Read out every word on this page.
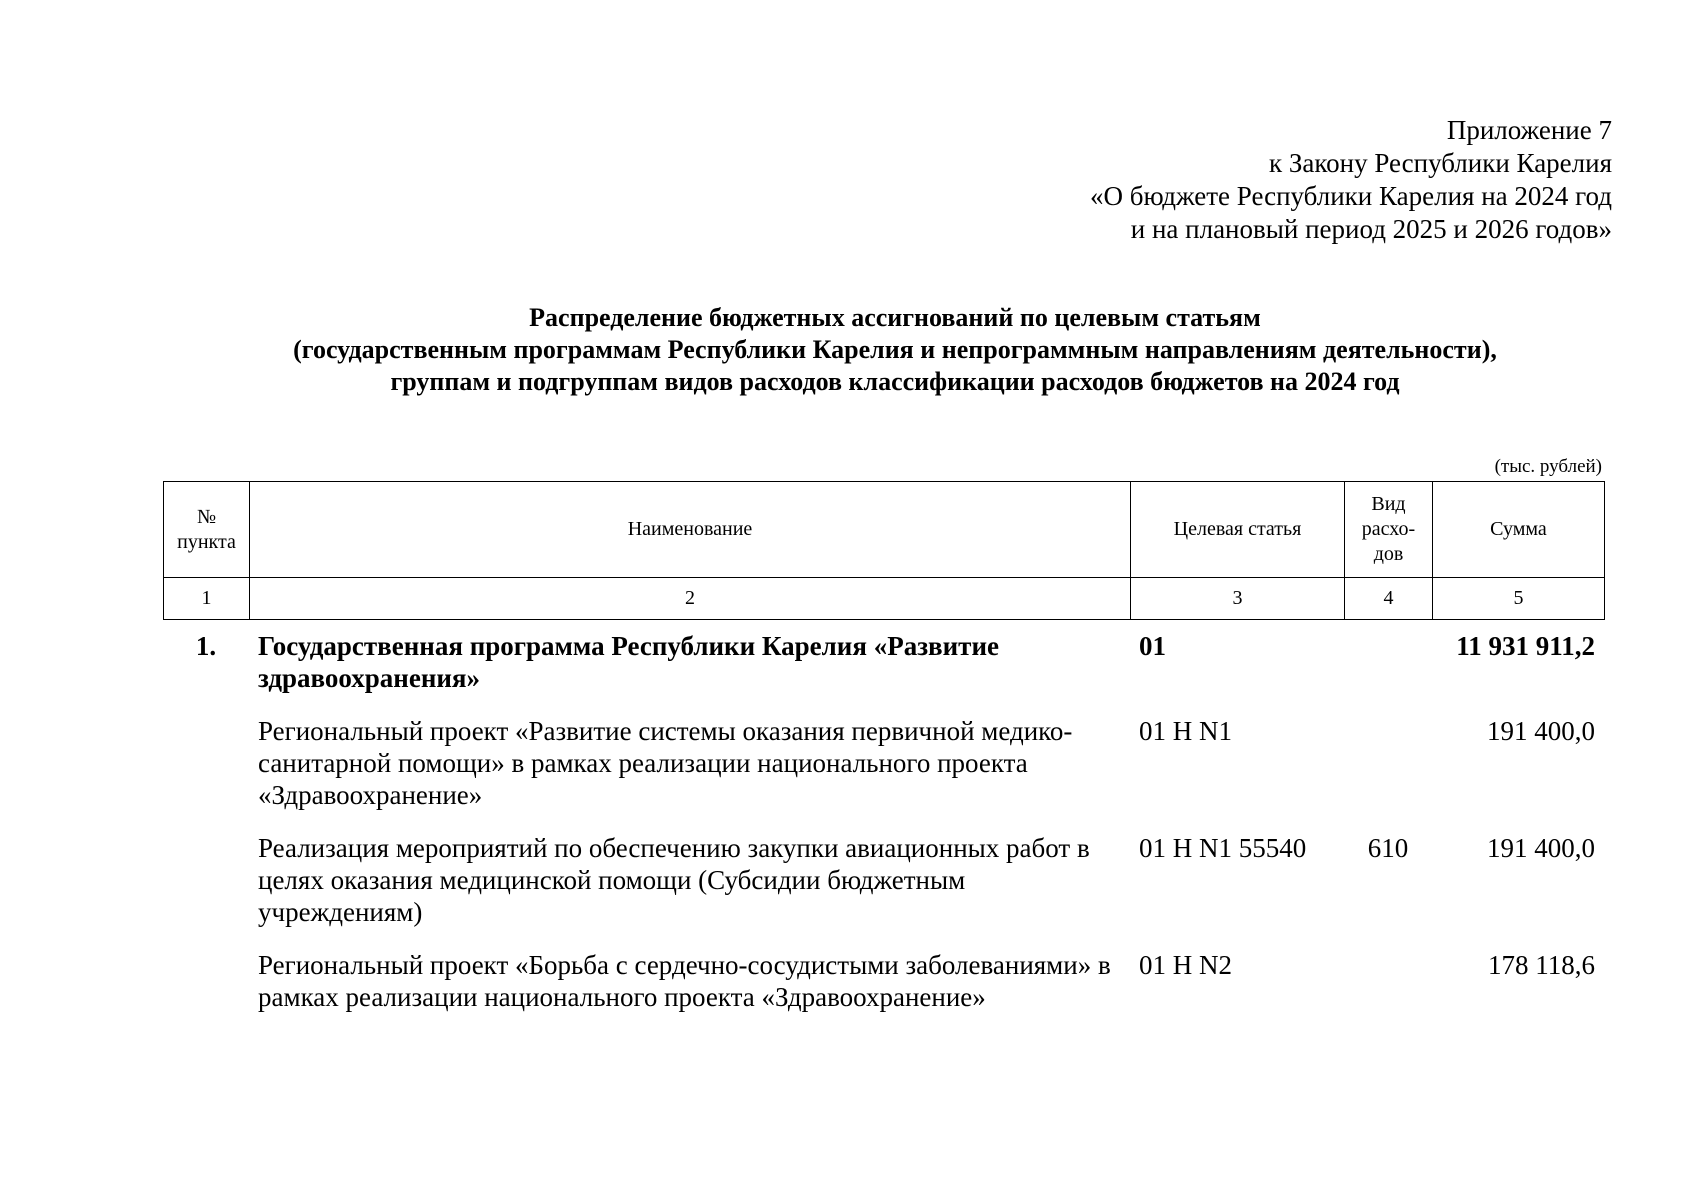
Приложение 7
к Закону Республики Карелия
«О бюджете Республики Карелия на 2024 год
и на плановый период 2025 и 2026 годов»
Распределение бюджетных ассигнований по целевым статьям
(государственным программам Республики Карелия и непрограммным направлениям деятельности),
группам и подгруппам видов расходов классификации расходов бюджетов на 2024 год
(тыс. рублей)
№ пункта	Наименование	Целевая статья	Вид расхо-дов	Сумма
1	2	3	4	5
1.	Государственная программа Республики Карелия «Развитие здравоохранения»	01		11 931 911,2
	Региональный проект «Развитие системы оказания первичной медико-санитарной помощи» в рамках реализации национального проекта «Здравоохранение»	01 Н N1		191 400,0
	Реализация мероприятий по обеспечению закупки авиационных работ в целях оказания медицинской помощи (Субсидии бюджетным учреждениям)	01 Н N1 55540	610	191 400,0
	Региональный проект «Борьба с сердечно-сосудистыми заболеваниями» в рамках реализации национального проекта «Здравоохранение»	01 Н N2		178 118,6
